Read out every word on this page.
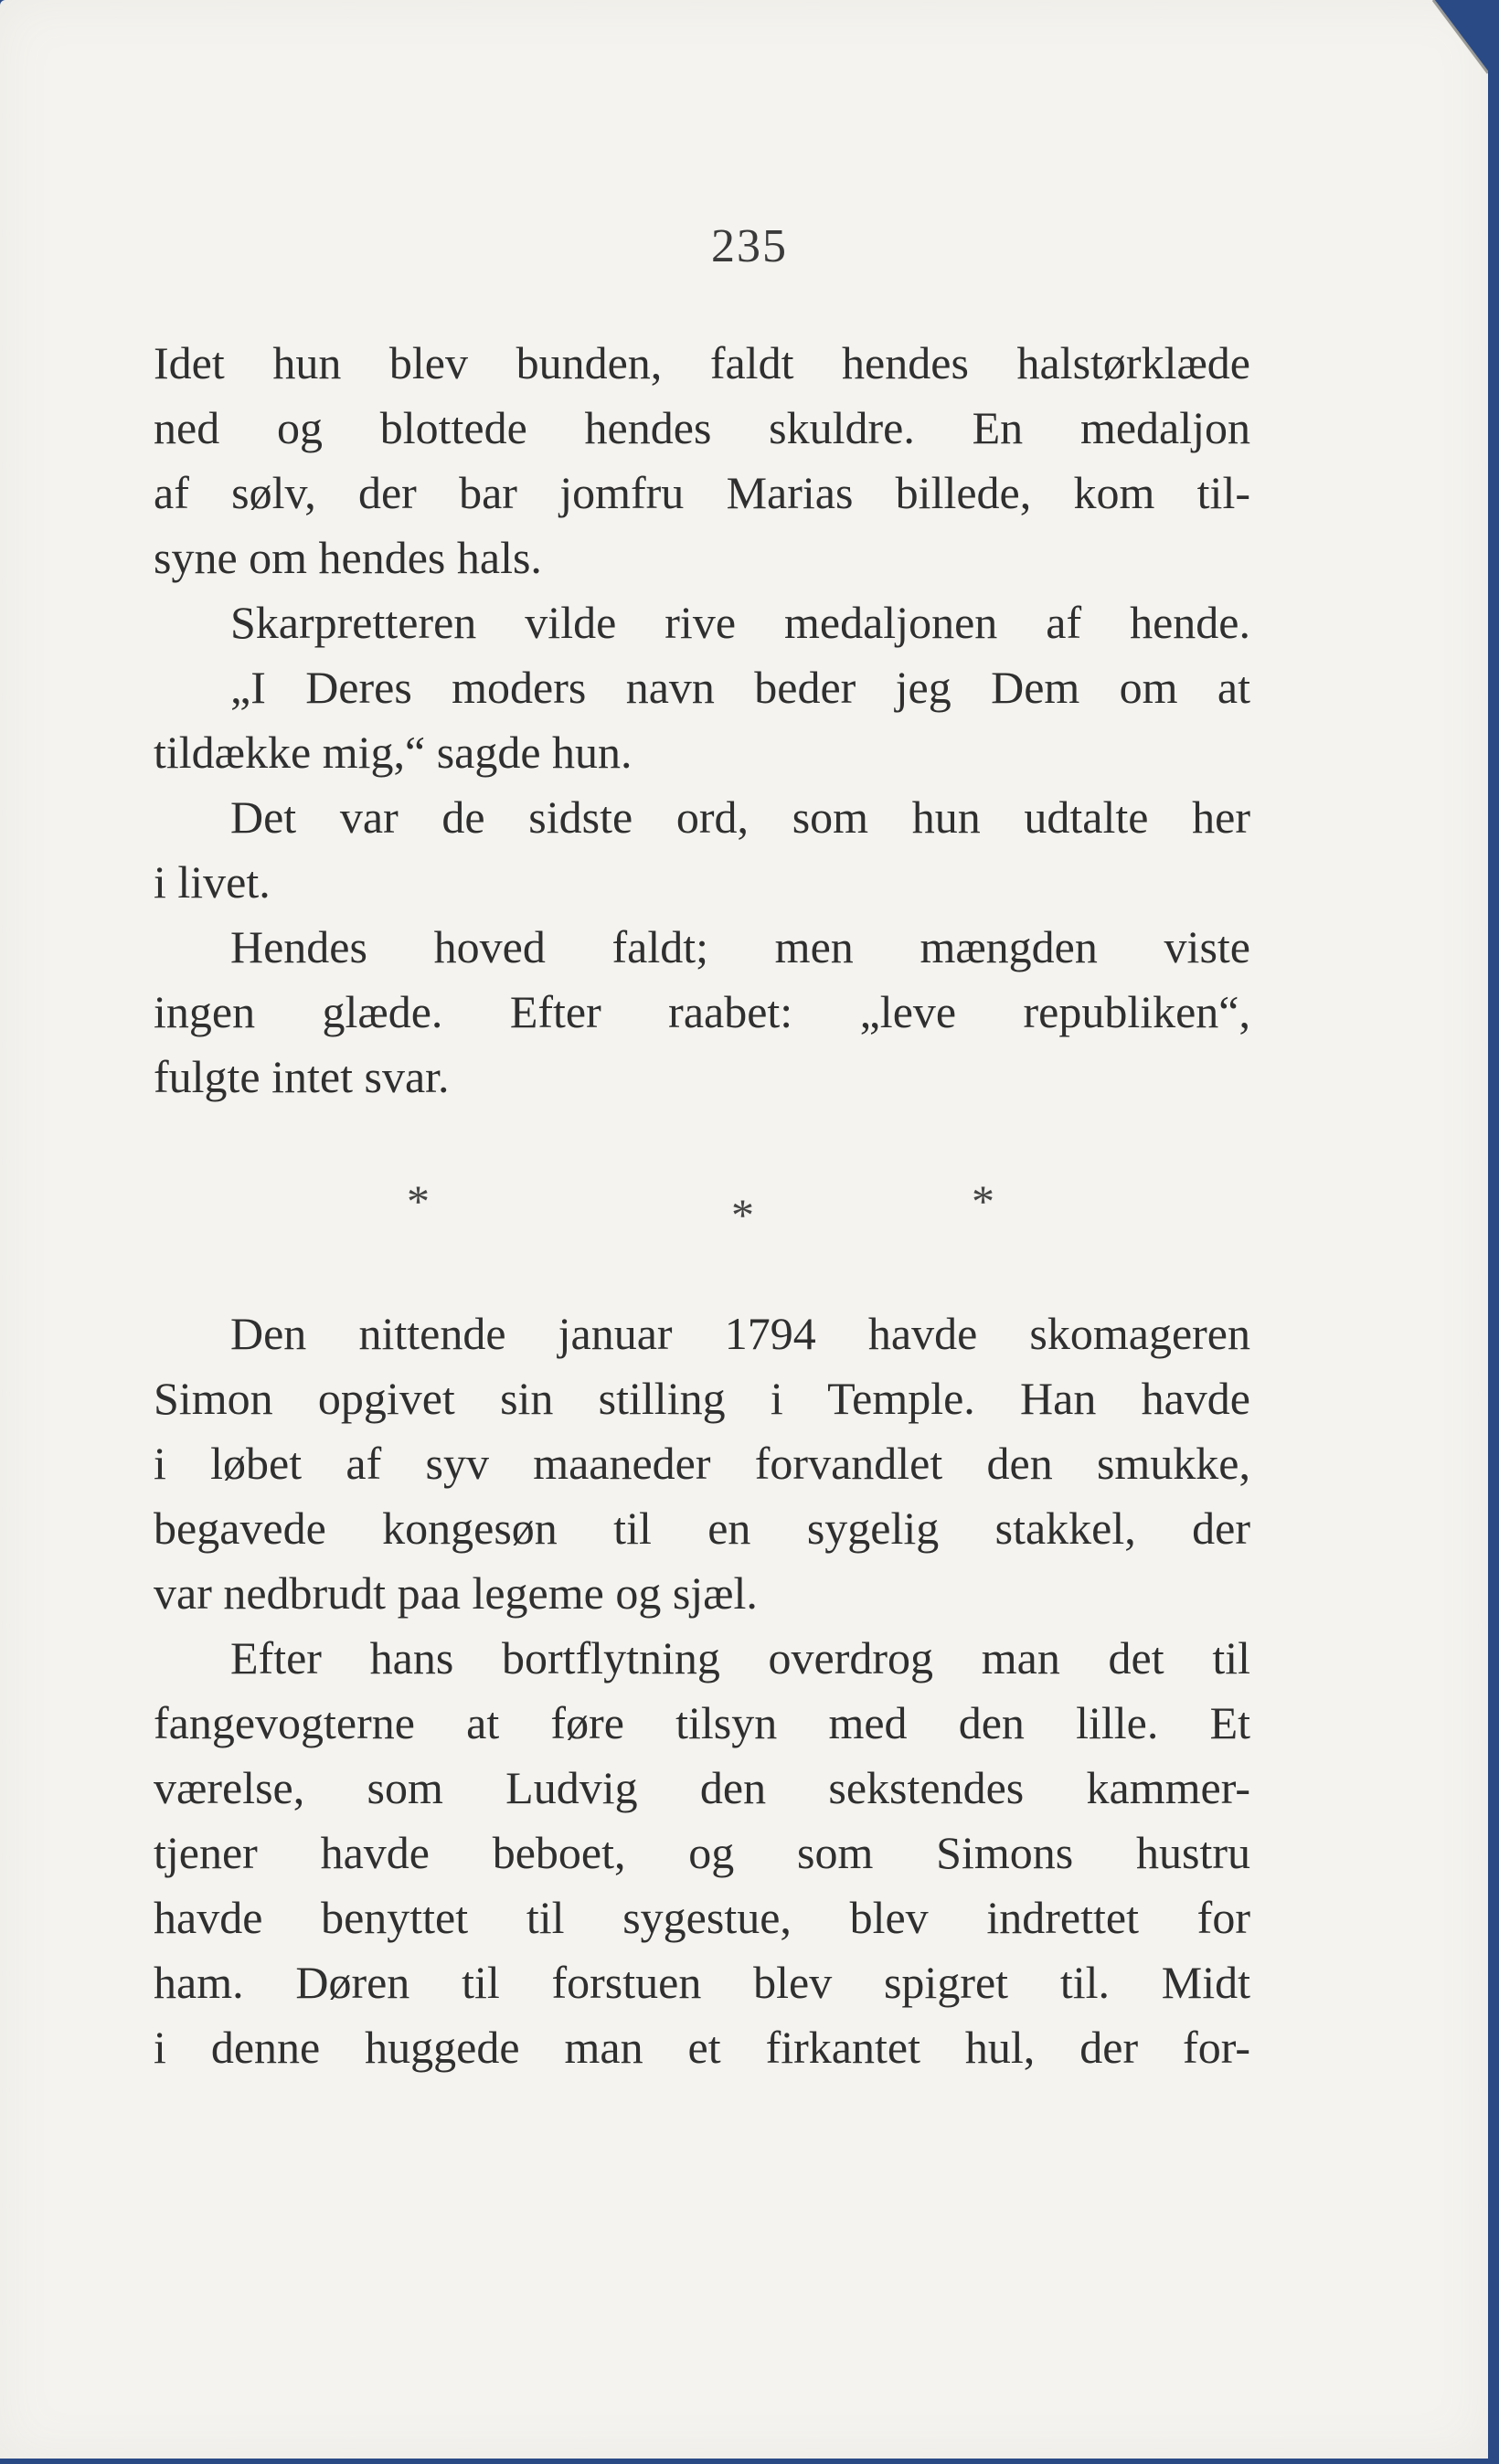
235
Idet hun blev bunden, faldt hendes halstørklæde
ned og blottede hendes skuldre. En medaljon
af sølv, der bar jomfru Marias billede, kom til-
syne om hendes hals.
Skarpretteren vilde rive medaljonen af hende.
„I Deres moders navn beder jeg Dem om at
tildække mig,“ sagde hun.
Det var de sidste ord, som hun udtalte her
i livet.
Hendes hoved faldt; men mængden viste
ingen glæde. Efter raabet: „leve republiken“,
fulgte intet svar.
Den nittende januar 1794 havde skomageren
Simon opgivet sin stilling i Temple. Han havde
i løbet af syv maaneder forvandlet den smukke,
begavede kongesøn til en sygelig stakkel, der
var nedbrudt paa legeme og sjæl.
Efter hans bortflytning overdrog man det til
fangevogterne at føre tilsyn med den lille. Et
værelse, som Ludvig den sekstendes kammer-
tjener havde beboet, og som Simons hustru
havde benyttet til sygestue, blev indrettet for
ham. Døren til forstuen blev spigret til. Midt
i denne huggede man et firkantet hul, der for-
*	*	*
